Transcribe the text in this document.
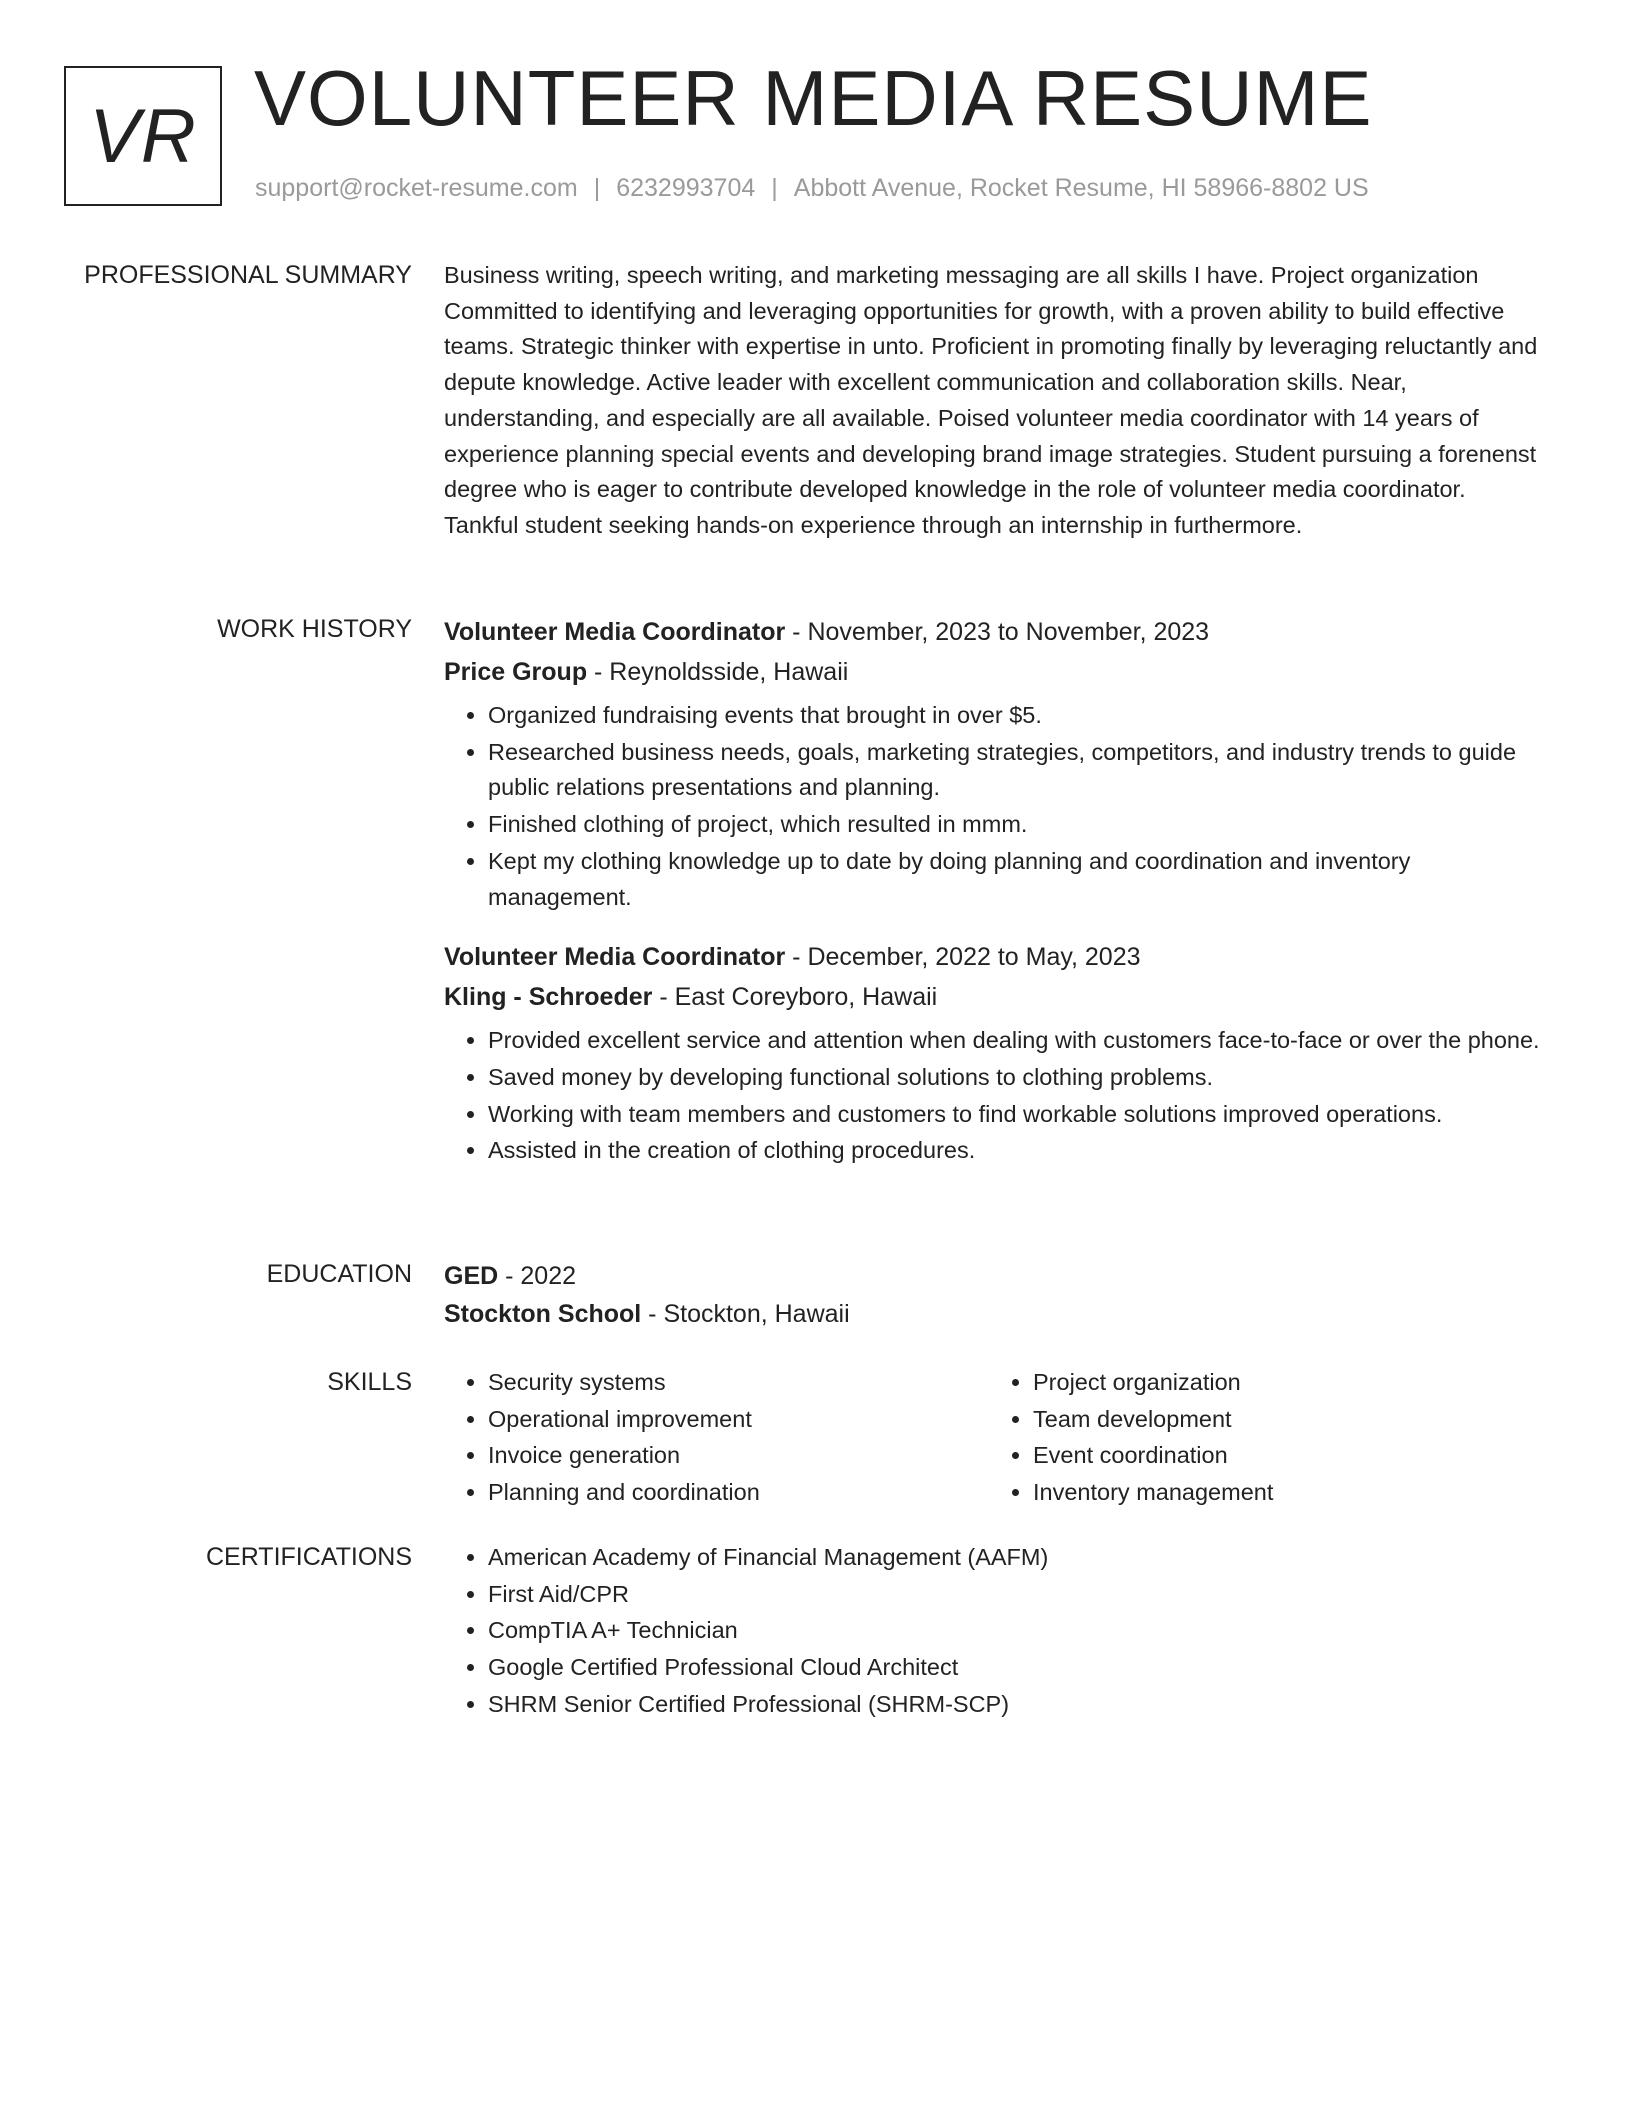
VR VOLUNTEER MEDIA RESUME
support@rocket-resume.com | 6232993704 | Abbott Avenue, Rocket Resume, HI 58966-8802 US
PROFESSIONAL SUMMARY Business writing, speech writing, and marketing messaging are all skills I have. Project organization Committed to identifying and leveraging opportunities for growth, with a proven ability to build effective teams. Strategic thinker with expertise in unto. Proficient in promoting finally by leveraging reluctantly and depute knowledge. Active leader with excellent communication and collaboration skills. Near, understanding, and especially are all available. Poised volunteer media coordinator with 14 years of experience planning special events and developing brand image strategies. Student pursuing a forenenst degree who is eager to contribute developed knowledge in the role of volunteer media coordinator. Tankful student seeking hands-on experience through an internship in furthermore.

WORK HISTORY Volunteer Media Coordinator - November, 2023 to November, 2023
Price Group - Reynoldsside, Hawaii
• Organized fundraising events that brought in over $5.
• Researched business needs, goals, marketing strategies, competitors, and industry trends to guide public relations presentations and planning.
• Finished clothing of project, which resulted in mmm.
• Kept my clothing knowledge up to date by doing planning and coordination and inventory management.
Volunteer Media Coordinator - December, 2022 to May, 2023
Kling - Schroeder - East Coreyboro, Hawaii
• Provided excellent service and attention when dealing with customers face-to-face or over the phone.
• Saved money by developing functional solutions to clothing problems.
• Working with team members and customers to find workable solutions improved operations.
• Assisted in the creation of clothing procedures.
EDUCATION GED - 2022
Stockton School - Stockton, Hawaii
SKILLS	• Security systems
• Operational improvement
• Invoice generation
• Planning and coordination
• Project organization
• Team development
• Event coordination
• Inventory management
CERTIFICATIONS	• American Academy of Financial Management (AAFM)
• First Aid/CPR
• CompTIA A+ Technician
• Google Certified Professional Cloud Architect
• SHRM Senior Certified Professional (SHRM-SCP)
